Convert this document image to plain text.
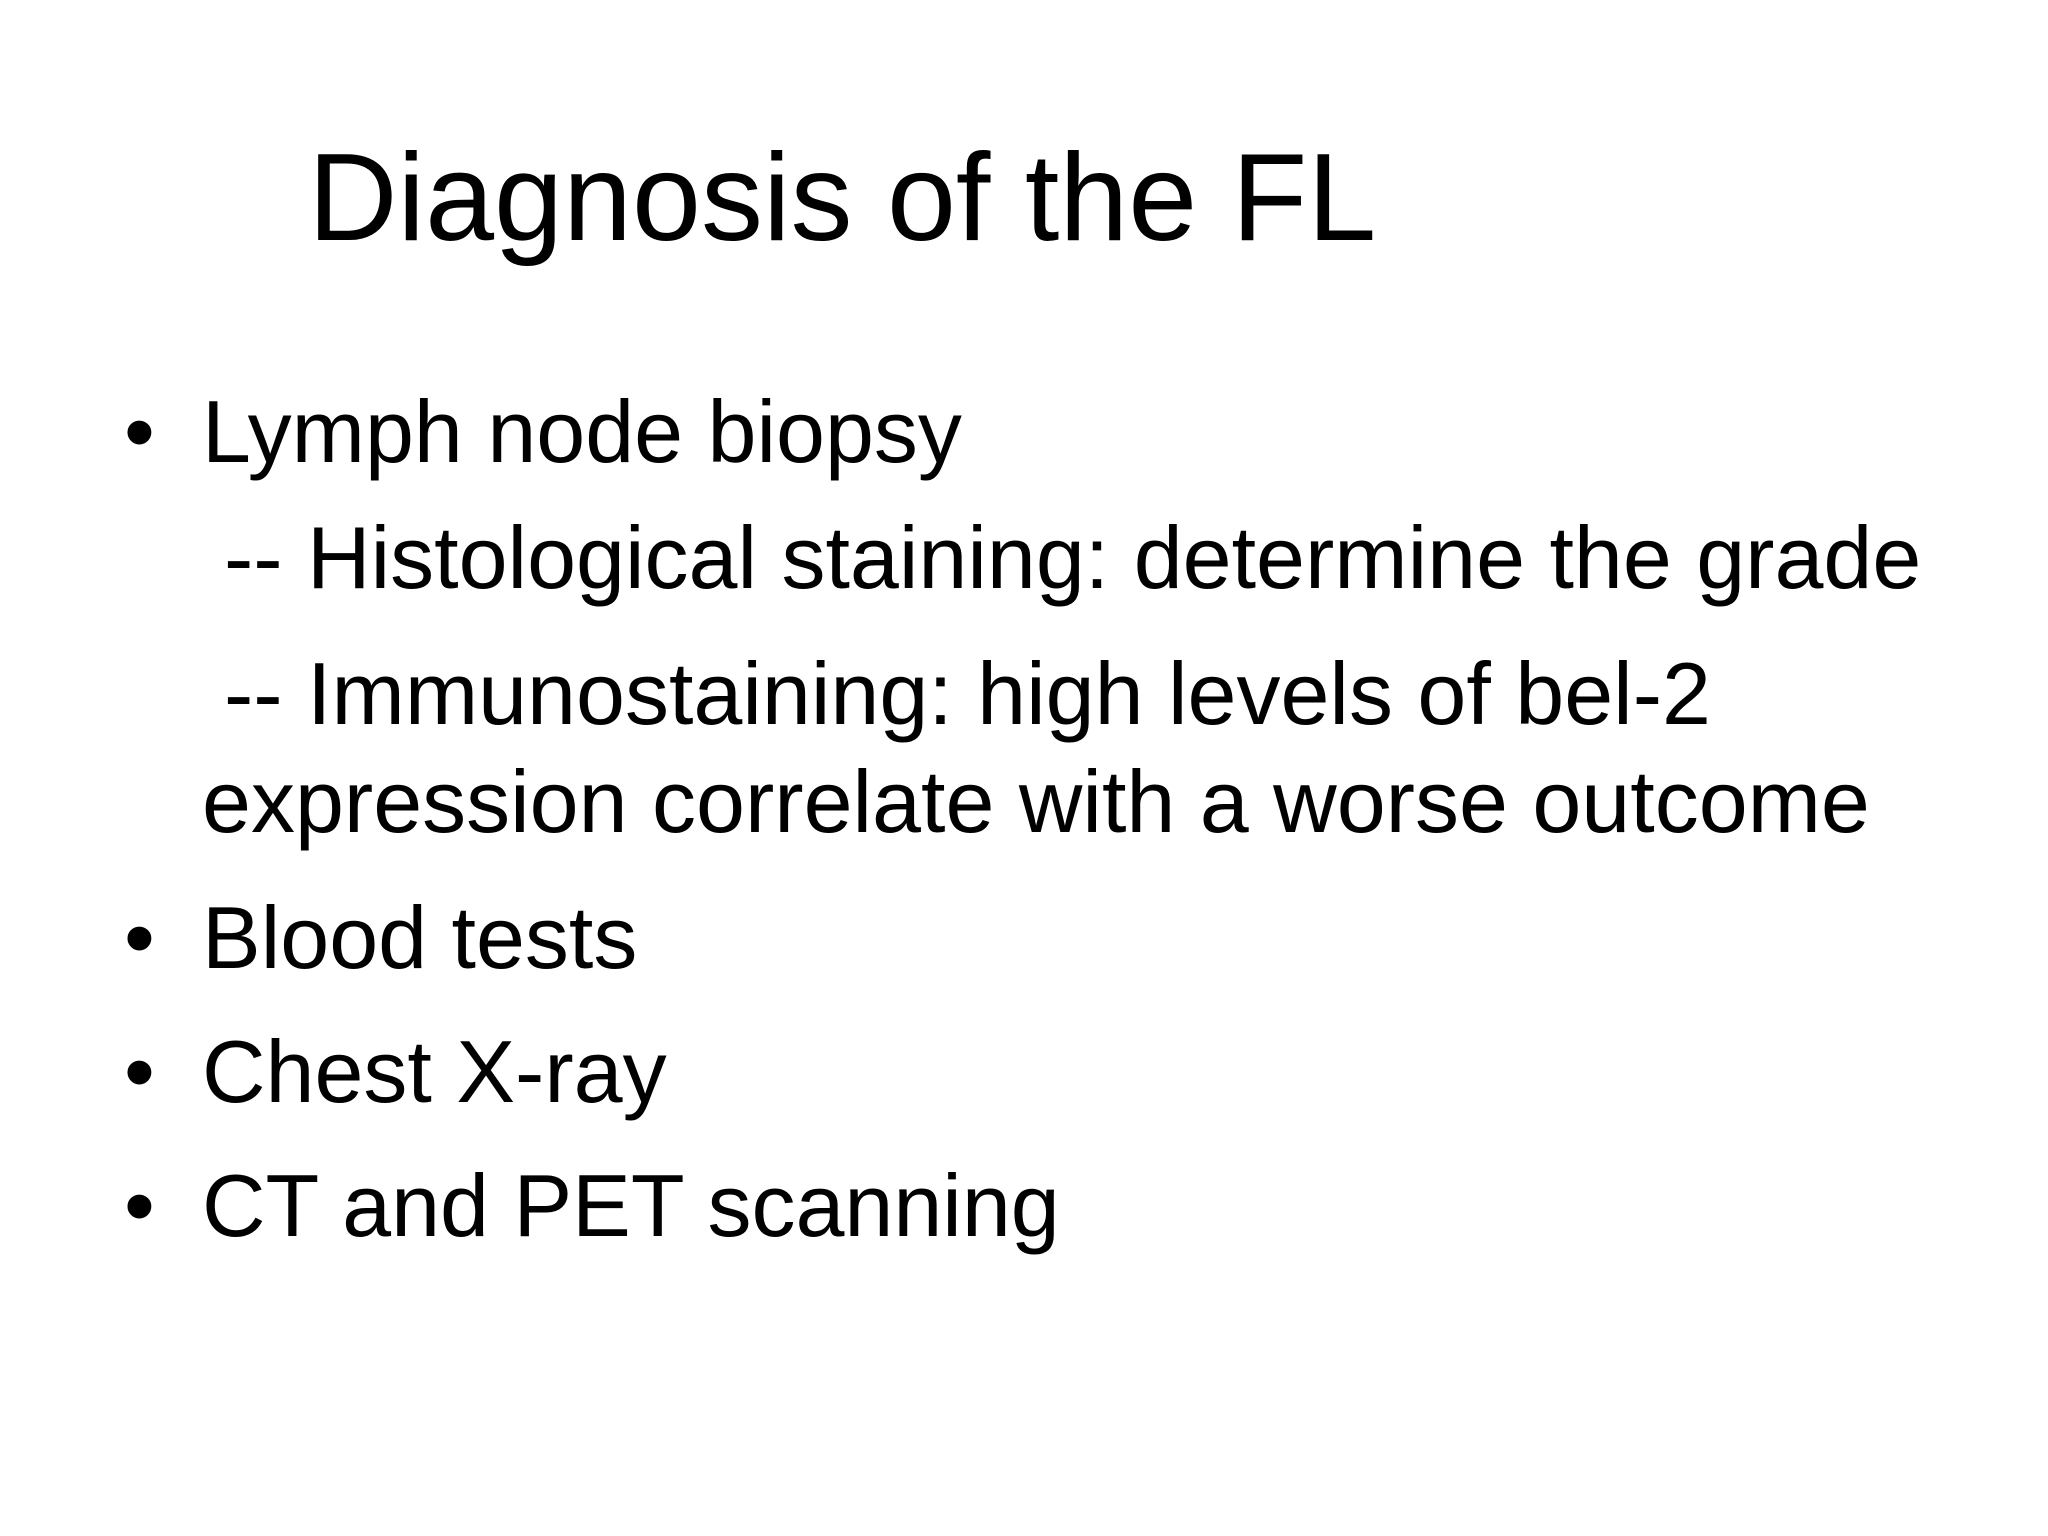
Diagnosis of the FL
• Lymph node biopsy
-- Histological staining: determine the grade
-- Immunostaining: high levels of bel-2
expression correlate with a worse outcome
• Blood tests
• Chest X-ray
• CT and PET scanning
